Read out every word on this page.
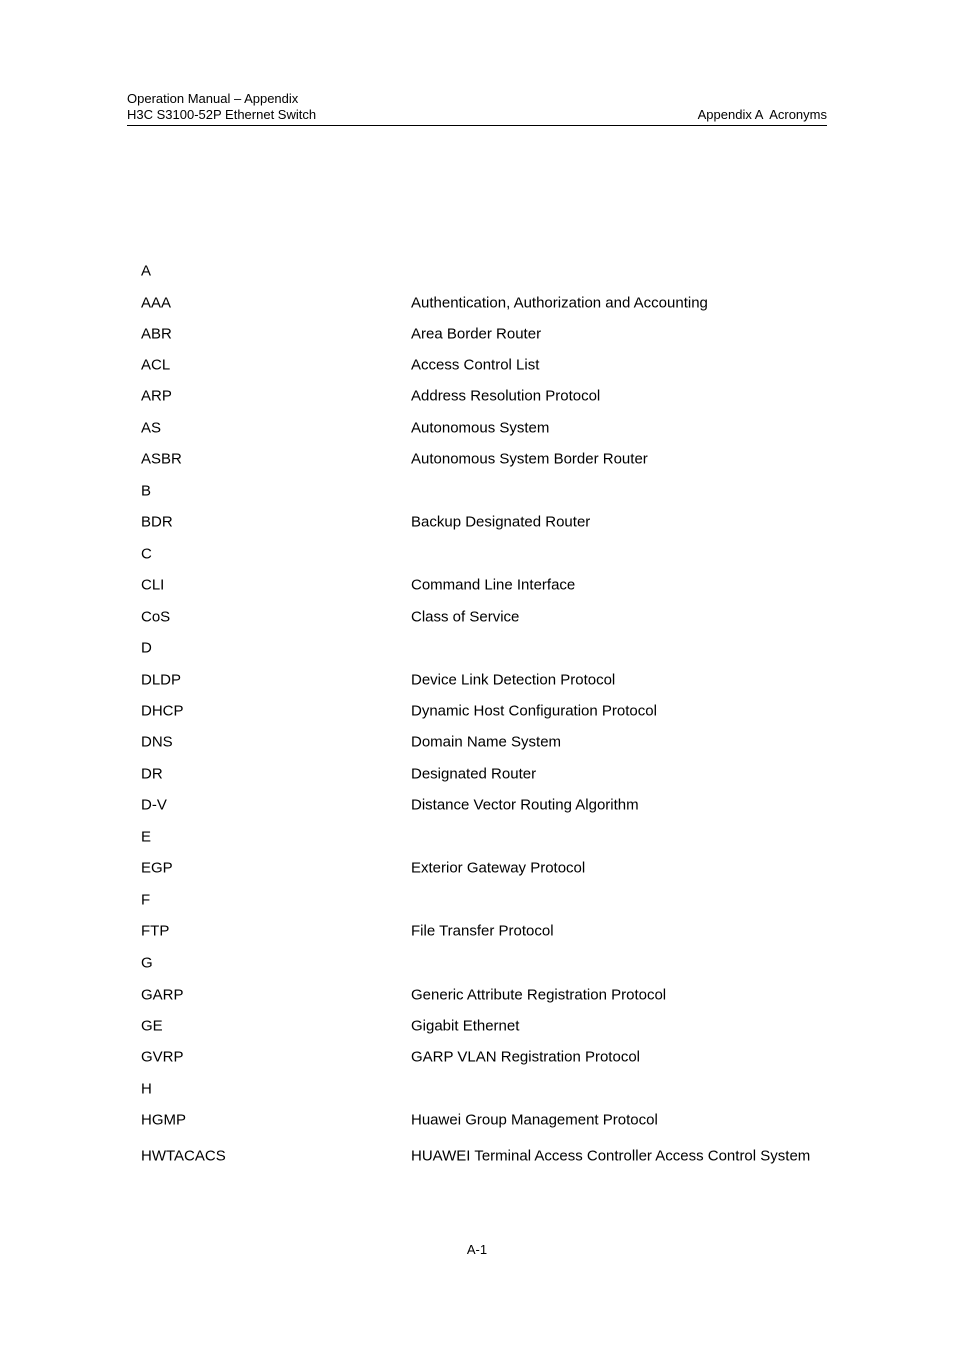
Operation Manual – Appendix
H3C S3100-52P Ethernet Switch	Appendix A  Acronyms
A
AAA	Authentication, Authorization and Accounting
ABR	Area Border Router
ACL	Access Control List
ARP	Address Resolution Protocol
AS	Autonomous System
ASBR	Autonomous System Border Router
B
BDR	Backup Designated Router
C
CLI	Command Line Interface
CoS	Class of Service
D
DLDP	Device Link Detection Protocol
DHCP	Dynamic Host Configuration Protocol
DNS	Domain Name System
DR	Designated Router
D-V	Distance Vector Routing Algorithm
E
EGP	Exterior Gateway Protocol
F
FTP	File Transfer Protocol
G
GARP	Generic Attribute Registration Protocol
GE	Gigabit Ethernet
GVRP	GARP VLAN Registration Protocol
H
HGMP	Huawei Group Management Protocol
HWTACACS	HUAWEI Terminal Access Controller Access Control System
A-1
